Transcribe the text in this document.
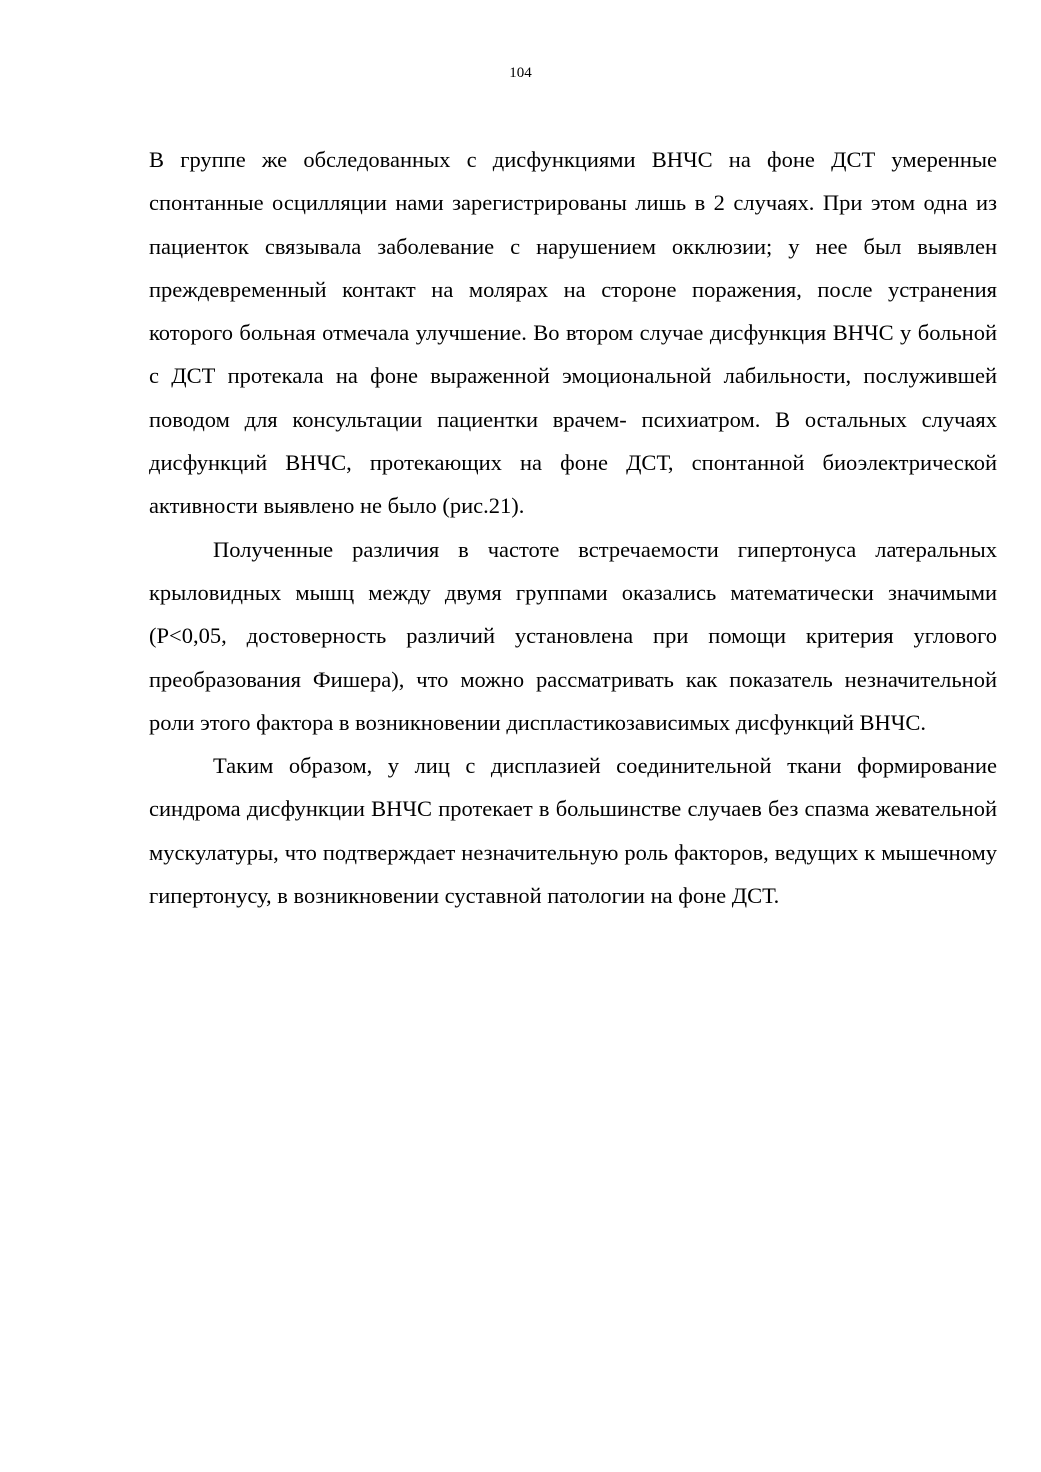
104

В группе же обследованных с дисфункциями ВНЧС на фоне ДСТ умеренные спонтанные осцилляции нами зарегистрированы лишь в 2 случаях. При этом одна из пациенток связывала заболевание с нарушением окклюзии; у нее был выявлен преждевременный контакт на молярах на стороне поражения, после устранения которого больная отмечала улучшение. Во втором случае дисфункция ВНЧС у больной с ДСТ протекала на фоне выраженной эмоциональной лабильности, послужившей поводом для консультации пациентки врачем- психиатром. В остальных случаях дисфункций ВНЧС, протекающих на фоне ДСТ, спонтанной биоэлектрической активности выявлено не было (рис.21).

Полученные различия в частоте встречаемости гипертонуса латеральных крыловидных мышц между двумя группами оказались математически значимыми (P<0,05, достоверность различий установлена при помощи критерия углового преобразования Фишера), что можно рассматривать как показатель незначительной роли этого фактора в возникновении диспластикозависимых дисфункций ВНЧС.

Таким образом, у лиц с дисплазией соединительной ткани формирование синдрома дисфункции ВНЧС протекает в большинстве случаев без спазма жевательной мускулатуры, что подтверждает незначительную роль факторов, ведущих к мышечному гипертонусу, в возникновении суставной патологии на фоне ДСТ.
